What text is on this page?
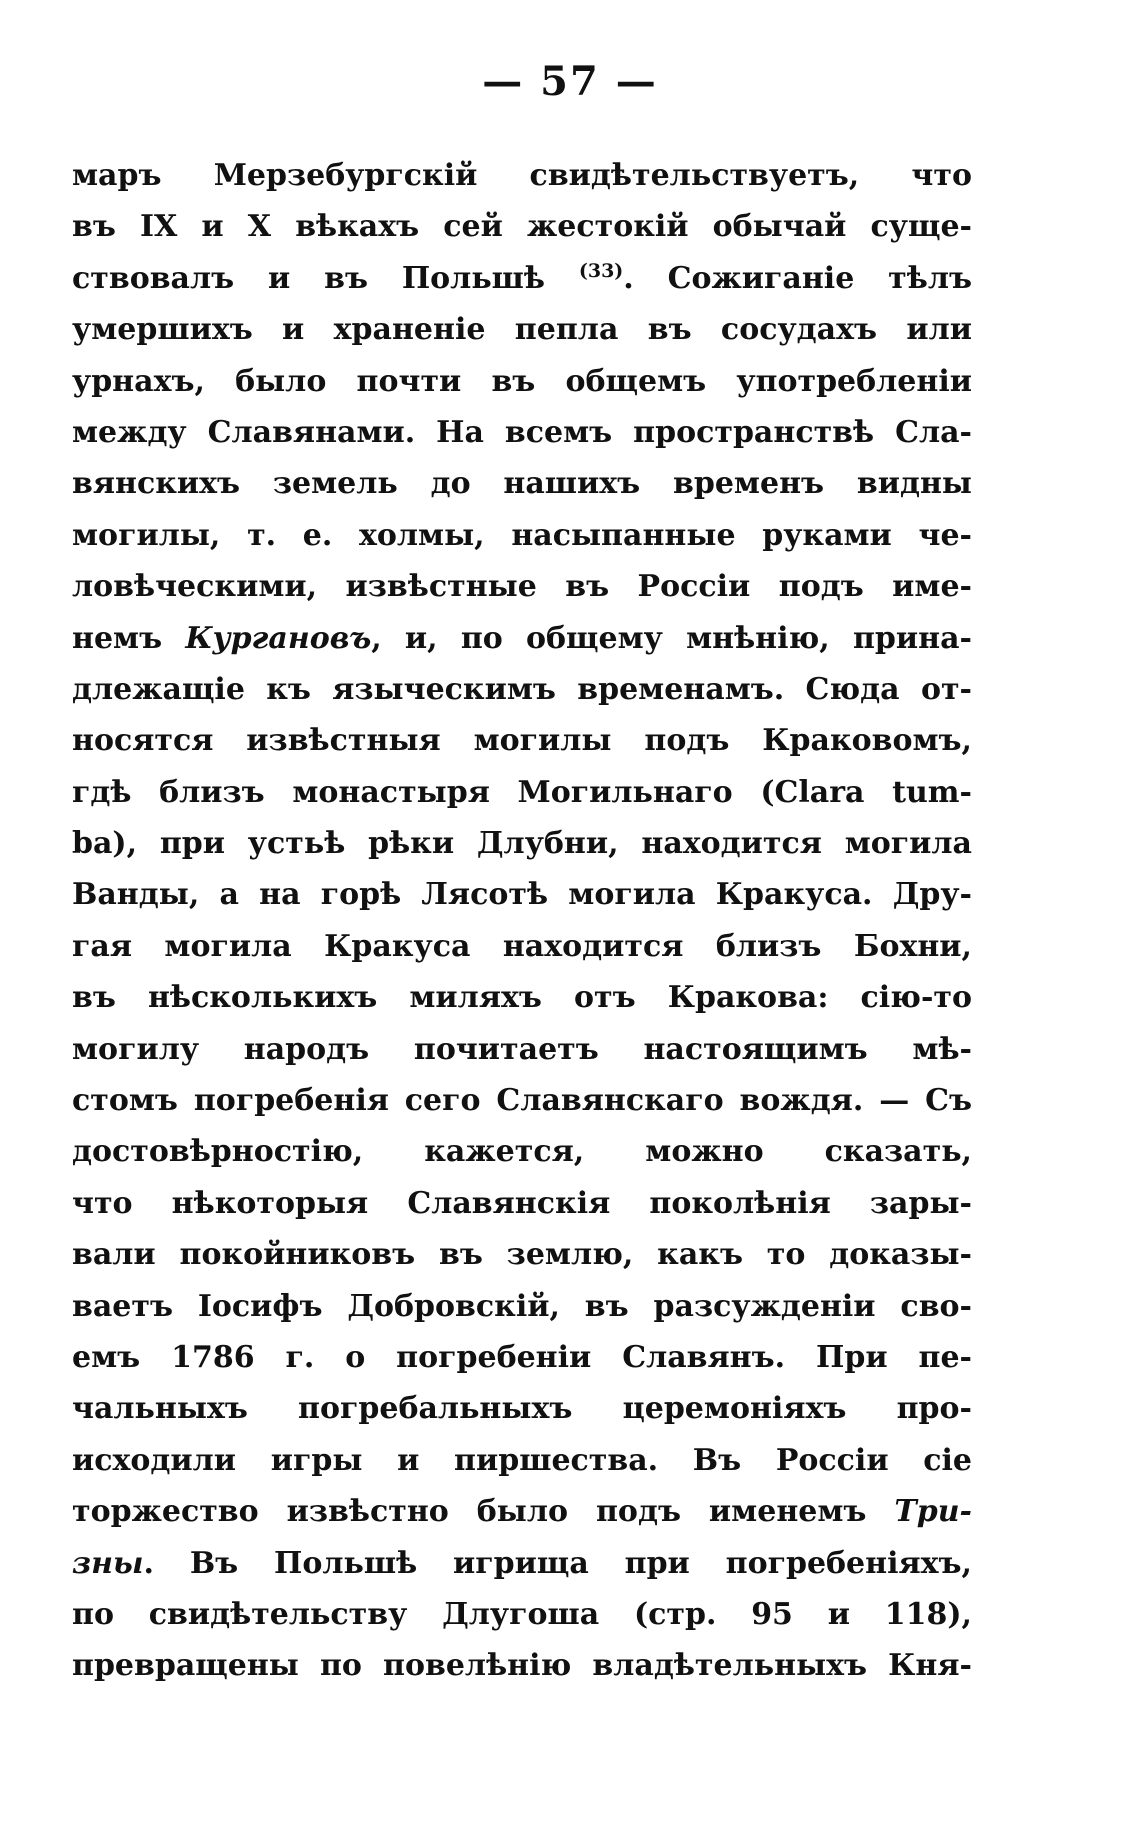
— 57 —
маръ Мерзебургскій свидѣтельствуетъ, что
въ IX и X вѣкахъ сей жестокій обычай суще-
ствовалъ и въ Польшѣ $^{(33)}$. Сожиганіе тѣлъ
умершихъ и храненіе пепла въ сосудахъ или
урнахъ, было почти въ общемъ употребленіи
между Славянами. На всемъ пространствѣ Сла-
вянскихъ земель до нашихъ временъ видны
могилы, т. е. холмы, насыпанные руками че-
ловѣческими, извѣстные въ Россіи подъ име-
немъ Кургановъ, и, по общему мнѣнію, прина-
длежащіе къ языческимъ временамъ. Сюда от-
носятся извѣстныя могилы подъ Краковомъ,
гдѣ близъ монастыря Могильнаго (Clara tum-
ba), при устьѣ рѣки Длубни, находится могила
Ванды, а на горѣ Лясотѣ могила Кракуса. Дру-
гая могила Кракуса находится близъ Бохни,
въ нѣсколькихъ миляхъ отъ Кракова: сію-то
могилу народъ почитаетъ настоящимъ мѣ-
стомъ погребенія сего Славянскаго вождя. — Съ
достовѣрностію, кажется, можно сказать,
что нѣкоторыя Славянскія поколѣнія зары-
вали покойниковъ въ землю, какъ то доказы-
ваетъ Іосифъ Добровскій, въ разсужденіи сво-
емъ 1786 г. о погребеніи Славянъ. При пе-
чальныхъ погребальныхъ церемоніяхъ про-
исходили игры и пиршества. Въ Россіи сіе
торжество извѣстно было подъ именемъ Три-
зны. Въ Польшѣ игрища при погребеніяхъ,
по свидѣтельству Длугоша (стр. 95 и 118),
превращены по повелѣнію владѣтельныхъ Кня-
